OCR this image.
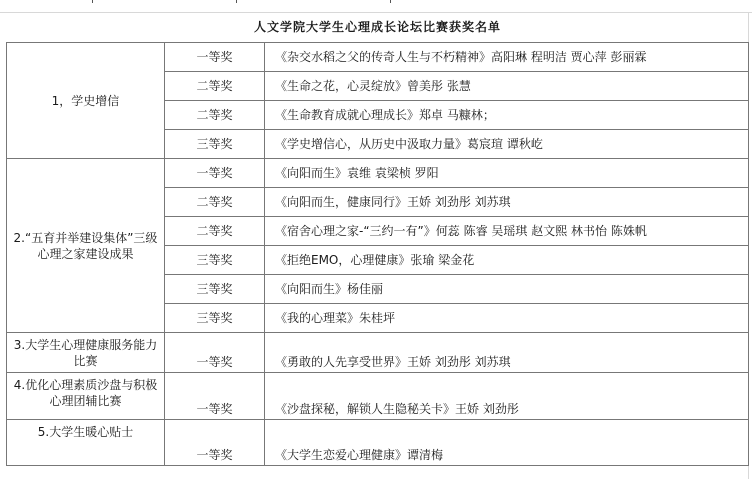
人文学院大学生心理成长论坛比赛获奖名单		
1，学史增信	一等奖	《杂交水稻之父的传奇人生与不朽精神》高阳琳 程明洁 贾心萍 彭丽霖
	二等奖	《生命之花，心灵绽放》曾美彤 张慧
	二等奖	《生命教育成就心理成长》郑卓 马糠林；
	三等奖	《学史增信心，从历史中汲取力量》葛宸瑄 谭秋屹
2.“五育并举建设集体”三级心理之家建设成果	一等奖	《向阳而生》袁维 袁梁桢 罗阳
	二等奖	《向阳而生，健康同行》王娇 刘劲彤 刘苏琪
	二等奖	《宿舍心理之家-“三约一有”》何蕊 陈睿 吴瑶琪 赵文熙 林书怡 陈姝帆
	三等奖	《拒绝EMO，心理健康》张瑜 梁金花
	三等奖	《向阳而生》杨佳丽
	三等奖	《我的心理菜》朱桂坪
3.大学生心理健康服务能力比赛	一等奖	《勇敢的人先享受世界》王娇 刘劲彤 刘苏琪
4.优化心理素质沙盘与积极心理团辅比赛	一等奖	《沙盘探秘，解锁人生隐秘关卡》王娇 刘劲彤
5.大学生暖心贴士	一等奖	《大学生恋爱心理健康》谭清梅
